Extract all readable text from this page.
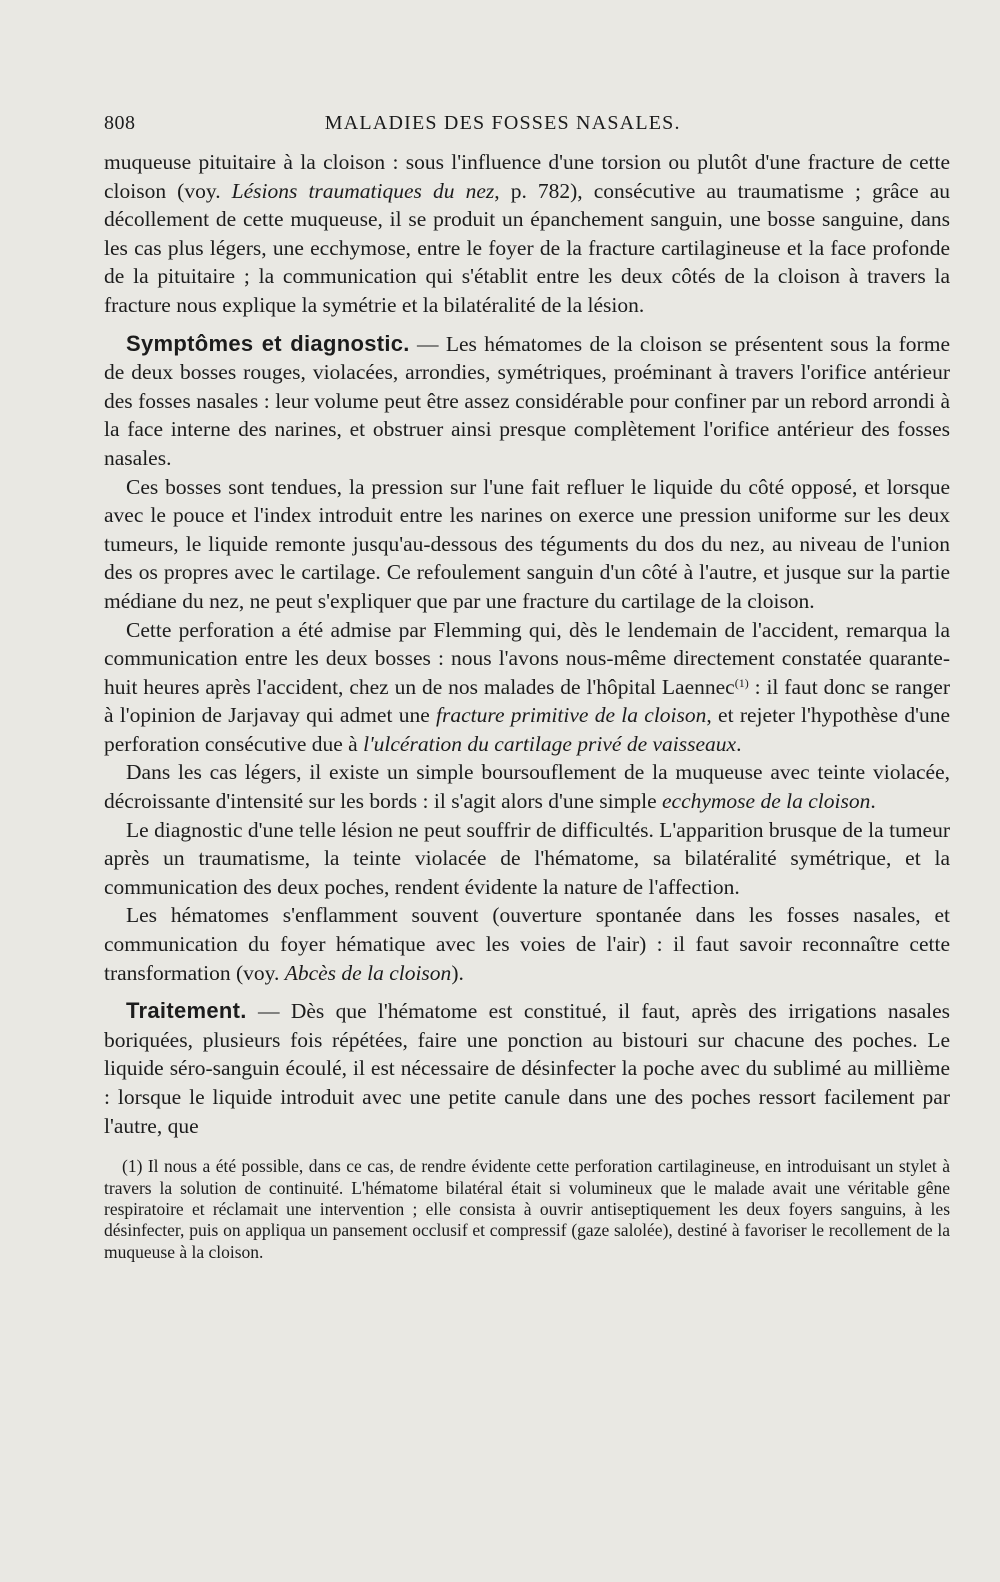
808	MALADIES DES FOSSES NASALES.

muqueuse pituitaire à la cloison : sous l'influence d'une torsion ou plutôt d'une fracture de cette cloison (voy. Lésions traumatiques du nez, p. 782), consécutive au traumatisme ; grâce au décollement de cette muqueuse, il se produit un épanchement sanguin, une bosse sanguine, dans les cas plus légers, une ecchymose, entre le foyer de la fracture cartilagineuse et la face profonde de la pituitaire ; la communication qui s'établit entre les deux côtés de la cloison à travers la fracture nous explique la symétrie et la bilatéralité de la lésion.

Symptômes et diagnostic. — Les hématomes de la cloison se présentent sous la forme de deux bosses rouges, violacées, arrondies, symétriques, proéminant à travers l'orifice antérieur des fosses nasales : leur volume peut être assez considérable pour confiner par un rebord arrondi à la face interne des narines, et obstruer ainsi presque complètement l'orifice antérieur des fosses nasales.

Ces bosses sont tendues, la pression sur l'une fait refluer le liquide du côté opposé, et lorsque avec le pouce et l'index introduit entre les narines on exerce une pression uniforme sur les deux tumeurs, le liquide remonte jusqu'au-dessous des téguments du dos du nez, au niveau de l'union des os propres avec le cartilage. Ce refoulement sanguin d'un côté à l'autre, et jusque sur la partie médiane du nez, ne peut s'expliquer que par une fracture du cartilage de la cloison.

Cette perforation a été admise par Flemming qui, dès le lendemain de l'accident, remarqua la communication entre les deux bosses : nous l'avons nous-même directement constatée quarante-huit heures après l'accident, chez un de nos malades de l'hôpital Laennec$^{(1)}$ : il faut donc se ranger à l'opinion de Jarjavay qui admet une fracture primitive de la cloison, et rejeter l'hypothèse d'une perforation consécutive due à l'ulcération du cartilage privé de vaisseaux.

Dans les cas légers, il existe un simple boursouflement de la muqueuse avec teinte violacée, décroissante d'intensité sur les bords : il s'agit alors d'une simple ecchymose de la cloison.

Le diagnostic d'une telle lésion ne peut souffrir de difficultés. L'apparition brusque de la tumeur après un traumatisme, la teinte violacée de l'hématome, sa bilatéralité symétrique, et la communication des deux poches, rendent évidente la nature de l'affection.

Les hématomes s'enflamment souvent (ouverture spontanée dans les fosses nasales, et communication du foyer hématique avec les voies de l'air) : il faut savoir reconnaître cette transformation (voy. Abcès de la cloison).

Traitement. — Dès que l'hématome est constitué, il faut, après des irrigations nasales boriquées, plusieurs fois répétées, faire une ponction au bistouri sur chacune des poches. Le liquide séro-sanguin écoulé, il est nécessaire de désinfecter la poche avec du sublimé au millième : lorsque le liquide introduit avec une petite canule dans une des poches ressort facilement par l'autre, que

(1) Il nous a été possible, dans ce cas, de rendre évidente cette perforation cartilagineuse, en introduisant un stylet à travers la solution de continuité. L'hématome bilatéral était si volumineux que le malade avait une véritable gêne respiratoire et réclamait une intervention ; elle consista à ouvrir antiseptiquement les deux foyers sanguins, à les désinfecter, puis on appliqua un pansement occlusif et compressif (gaze salolée), destiné à favoriser le recollement de la muqueuse à la cloison.
